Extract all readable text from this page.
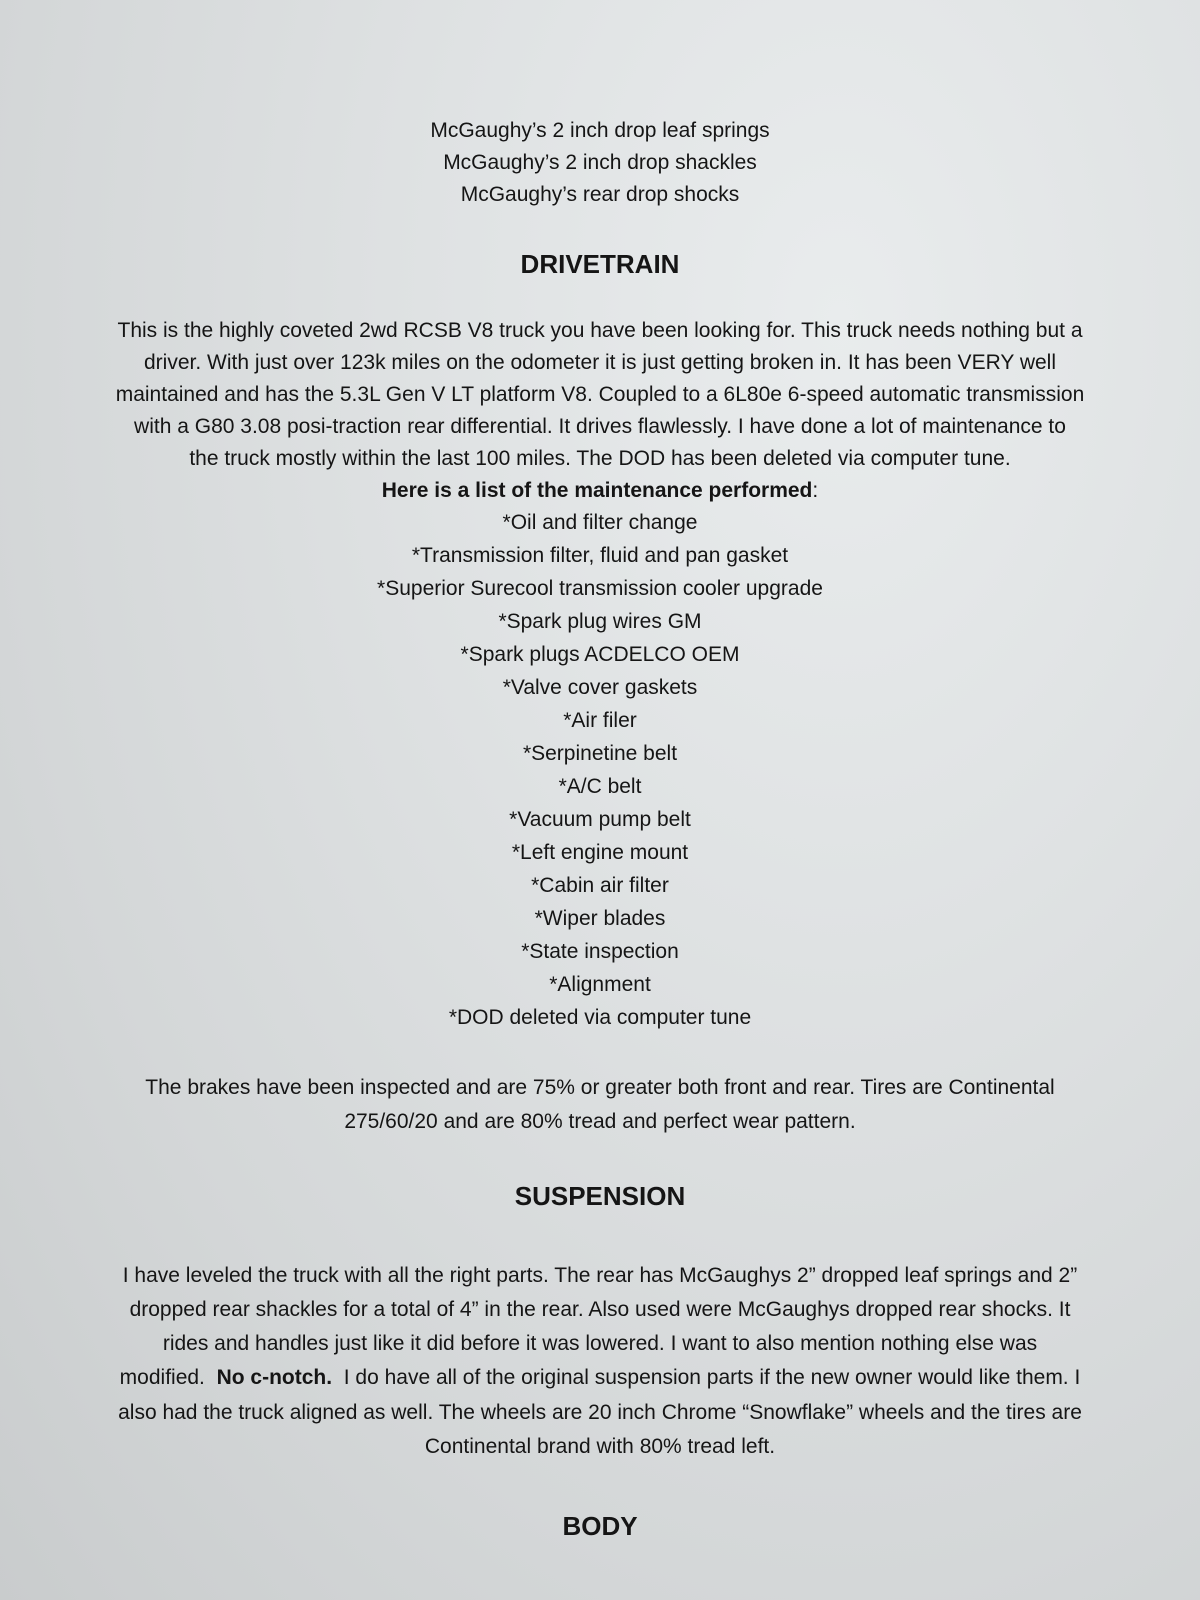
McGaughy’s 2 inch drop leaf springs
McGaughy’s 2 inch drop shackles
McGaughy’s rear drop shocks
DRIVETRAIN
This is the highly coveted 2wd RCSB V8 truck you have been looking for. This truck needs nothing but a
driver. With just over 123k miles on the odometer it is just getting broken in. It has been VERY well
maintained and has the 5.3L Gen V LT platform V8. Coupled to a 6L80e 6-speed automatic transmission
with a G80 3.08 posi-traction rear differential. It drives flawlessly. I have done a lot of maintenance to
the truck mostly within the last 100 miles. The DOD has been deleted via computer tune.
Here is a list of the maintenance performed:
*Oil and filter change
*Transmission filter, fluid and pan gasket
*Superior Surecool transmission cooler upgrade
*Spark plug wires GM
*Spark plugs ACDELCO OEM
*Valve cover gaskets
*Air filer
*Serpinetine belt
*A/C belt
*Vacuum pump belt
*Left engine mount
*Cabin air filter
*Wiper blades
*State inspection
*Alignment
*DOD deleted via computer tune
The brakes have been inspected and are 75% or greater both front and rear. Tires are Continental
275/60/20 and are 80% tread and perfect wear pattern.
SUSPENSION
I have leveled the truck with all the right parts. The rear has McGaughys 2” dropped leaf springs and 2”
dropped rear shackles for a total of 4” in the rear. Also used were McGaughys dropped rear shocks. It
rides and handles just like it did before it was lowered. I want to also mention nothing else was
modified.  No c-notch.  I do have all of the original suspension parts if the new owner would like them. I
also had the truck aligned as well. The wheels are 20 inch Chrome “Snowflake” wheels and the tires are
Continental brand with 80% tread left.
BODY
